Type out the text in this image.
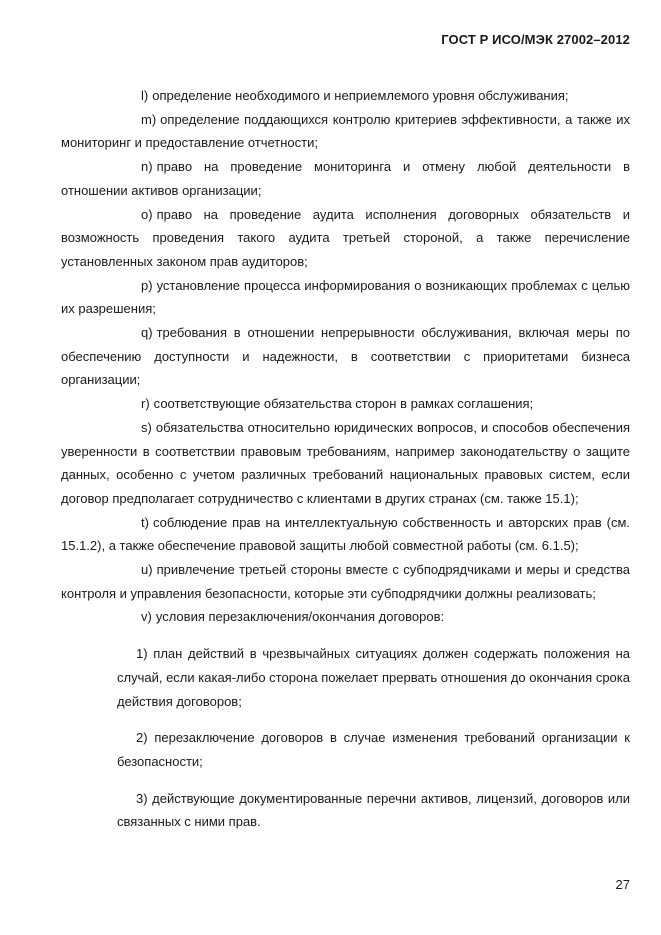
ГОСТ Р ИСО/МЭК 27002–2012

l) определение необходимого и неприемлемого уровня обслуживания;

m) определение поддающихся контролю критериев эффективности, а также их мониторинг и предоставление отчетности;

n) право на проведение мониторинга и отмену любой деятельности в отношении активов организации;

o) право на проведение аудита исполнения договорных обязательств и возможность проведения такого аудита третьей стороной, а также перечисление установленных законом прав аудиторов;

p) установление процесса информирования о возникающих проблемах с целью их разрешения;

q) требования в отношении непрерывности обслуживания, включая меры по обеспечению доступности и надежности, в соответствии с приоритетами бизнеса организации;

r) соответствующие обязательства сторон в рамках соглашения;

s) обязательства относительно юридических вопросов, и способов обеспечения уверенности в соответствии правовым требованиям, например законодательству о защите данных, особенно с учетом различных требований национальных правовых систем, если договор предполагает сотрудничество с клиентами в других странах (см. также 15.1);

t) соблюдение прав на интеллектуальную собственность и авторских прав (см. 15.1.2), а также обеспечение правовой защиты любой совместной работы (см. 6.1.5);

u) привлечение третьей стороны вместе с субподрядчиками и меры и средства контроля и управления безопасности, которые эти субподрядчики должны реализовать;

v) условия перезаключения/окончания договоров:

1) план действий в чрезвычайных ситуациях должен содержать положения на случай, если какая-либо сторона пожелает прервать отношения до окончания срока действия договоров;

2) перезаключение договоров в случае изменения требований организации к безопасности;

3) действующие документированные перечни активов, лицензий, договоров или связанных с ними прав.

27
